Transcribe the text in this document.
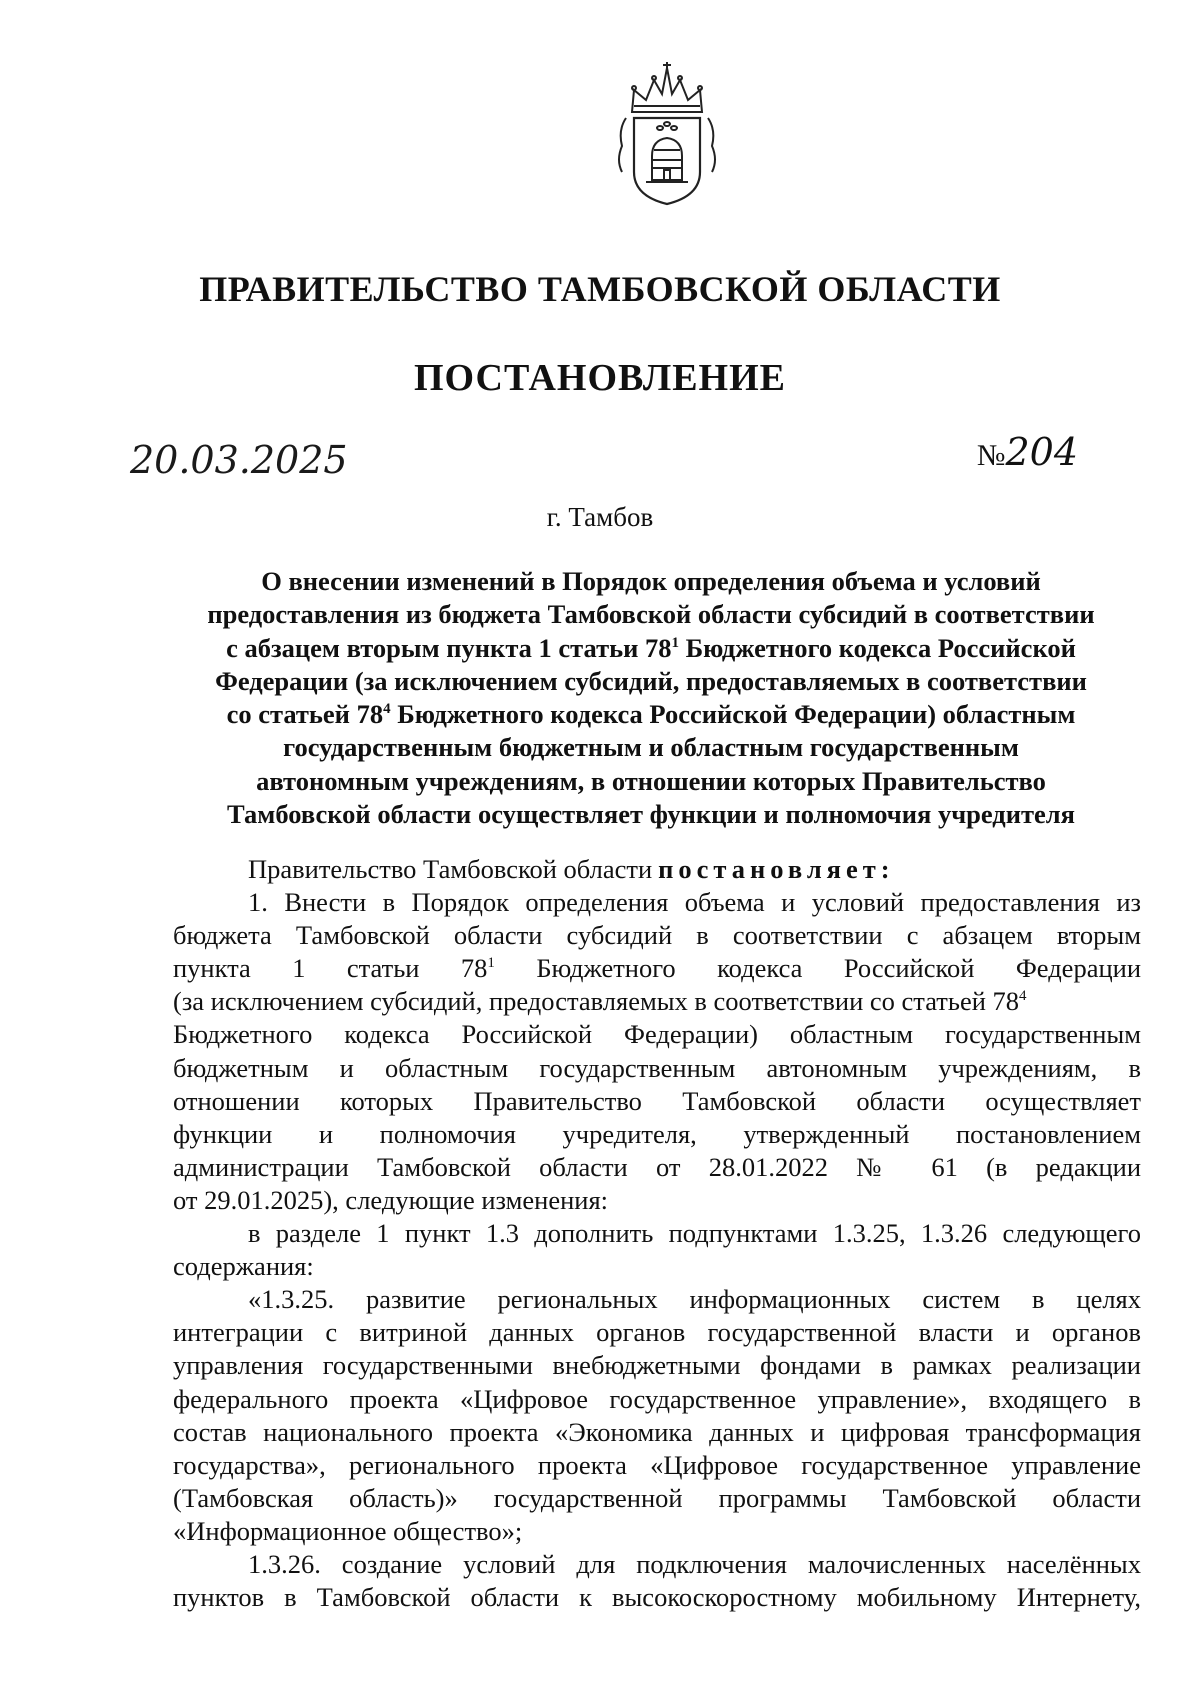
ПРАВИТЕЛЬСТВО ТАМБОВСКОЙ ОБЛАСТИ
ПОСТАНОВЛЕНИЕ
20.03.2025	№204
г. Тамбов
О внесении изменений в Порядок определения объема и условий
предоставления из бюджета Тамбовской области субсидий в соответствии
с абзацем вторым пункта 1 статьи $78^1$ Бюджетного кодекса Российской
Федерации (за исключением субсидий, предоставляемых в соответствии
со статьей $78^4$ Бюджетного кодекса Российской Федерации) областным
государственным бюджетным и областным государственным
автономным учреждениям, в отношении которых Правительство
Тамбовской области осуществляет функции и полномочия учредителя
Правительство Тамбовской области постановляет:
1. Внести в Порядок определения объема и условий предоставления из
бюджета Тамбовской области субсидий в соответствии с абзацем вторым
пункта 1 статьи $78^1$ Бюджетного кодекса Российской Федерации
(за исключением субсидий, предоставляемых в соответствии со статьей $78^4$
Бюджетного кодекса Российской Федерации) областным государственным
бюджетным и областным государственным автономным учреждениям, в
отношении которых Правительство Тамбовской области осуществляет
функции и полномочия учредителя, утвержденный постановлением
администрации Тамбовской области от 28.01.2022 № 61 (в редакции
от 29.01.2025), следующие изменения:
в разделе 1 пункт 1.3 дополнить подпунктами 1.3.25, 1.3.26 следующего
содержания:
«1.3.25. развитие региональных информационных систем в целях
интеграции с витриной данных органов государственной власти и органов
управления государственными внебюджетными фондами в рамках реализации
федерального проекта «Цифровое государственное управление», входящего в
состав национального проекта «Экономика данных и цифровая трансформация
государства», регионального проекта «Цифровое государственное управление
(Тамбовская область)» государственной программы Тамбовской области
«Информационное общество»;
1.3.26. создание условий для подключения малочисленных населённых
пунктов в Тамбовской области к высокоскоростному мобильному Интернету,
